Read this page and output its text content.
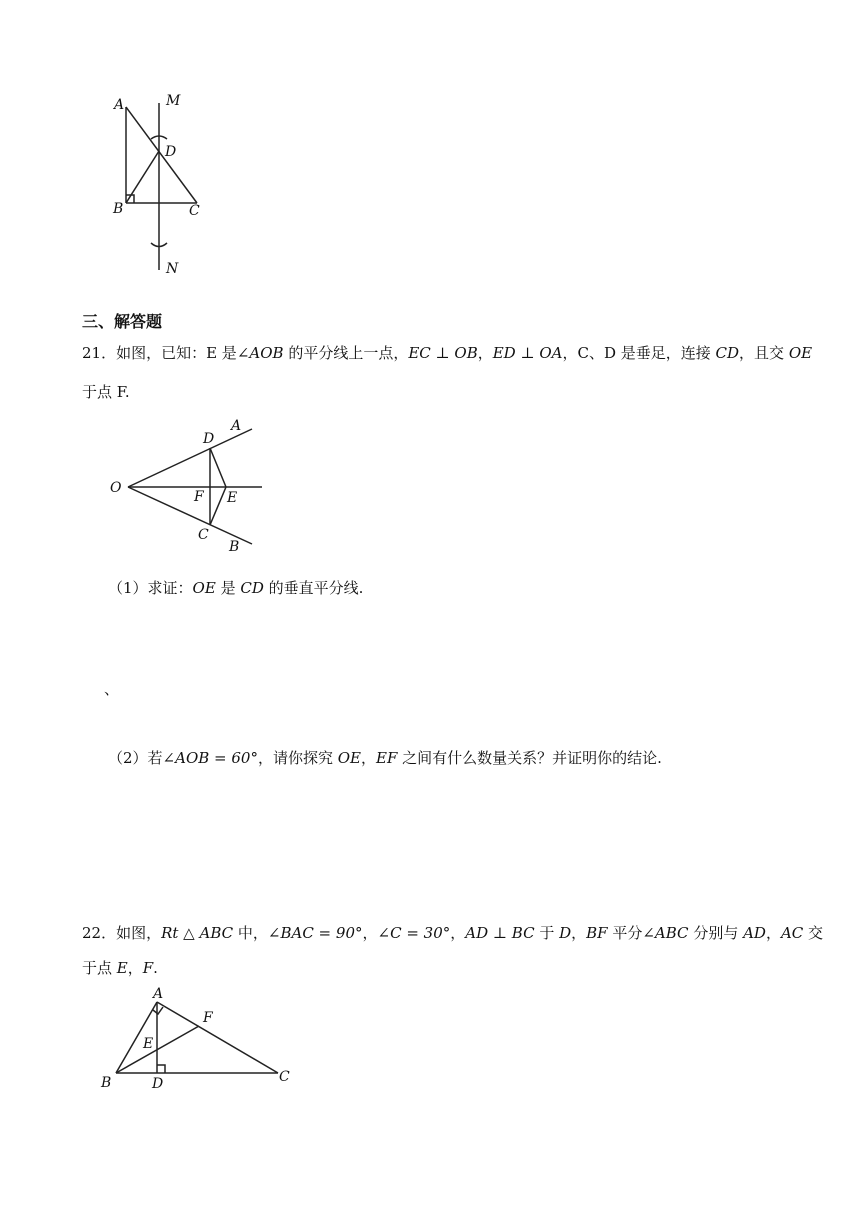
A	M
D
B	C
N
三、解答题
21．如图，已知：E 是∠AOB 的平分线上一点，EC ⊥ OB，ED ⊥ OA，C、D 是垂足，连接 CD，且交 OE
于点 F.
O
D
A
F E
C
B
（1）求证：OE 是 CD 的垂直平分线.
、
（2）若∠AOB = 60°，请你探究 OE，EF 之间有什么数量关系？并证明你的结论.
22．如图，Rt △ ABC 中，∠BAC = 90°，∠C = 30°，AD ⊥ BC 于 D，BF 平分∠ABC 分别与 AD，AC 交
于点 E，F.
A
F
E
B	D	C
